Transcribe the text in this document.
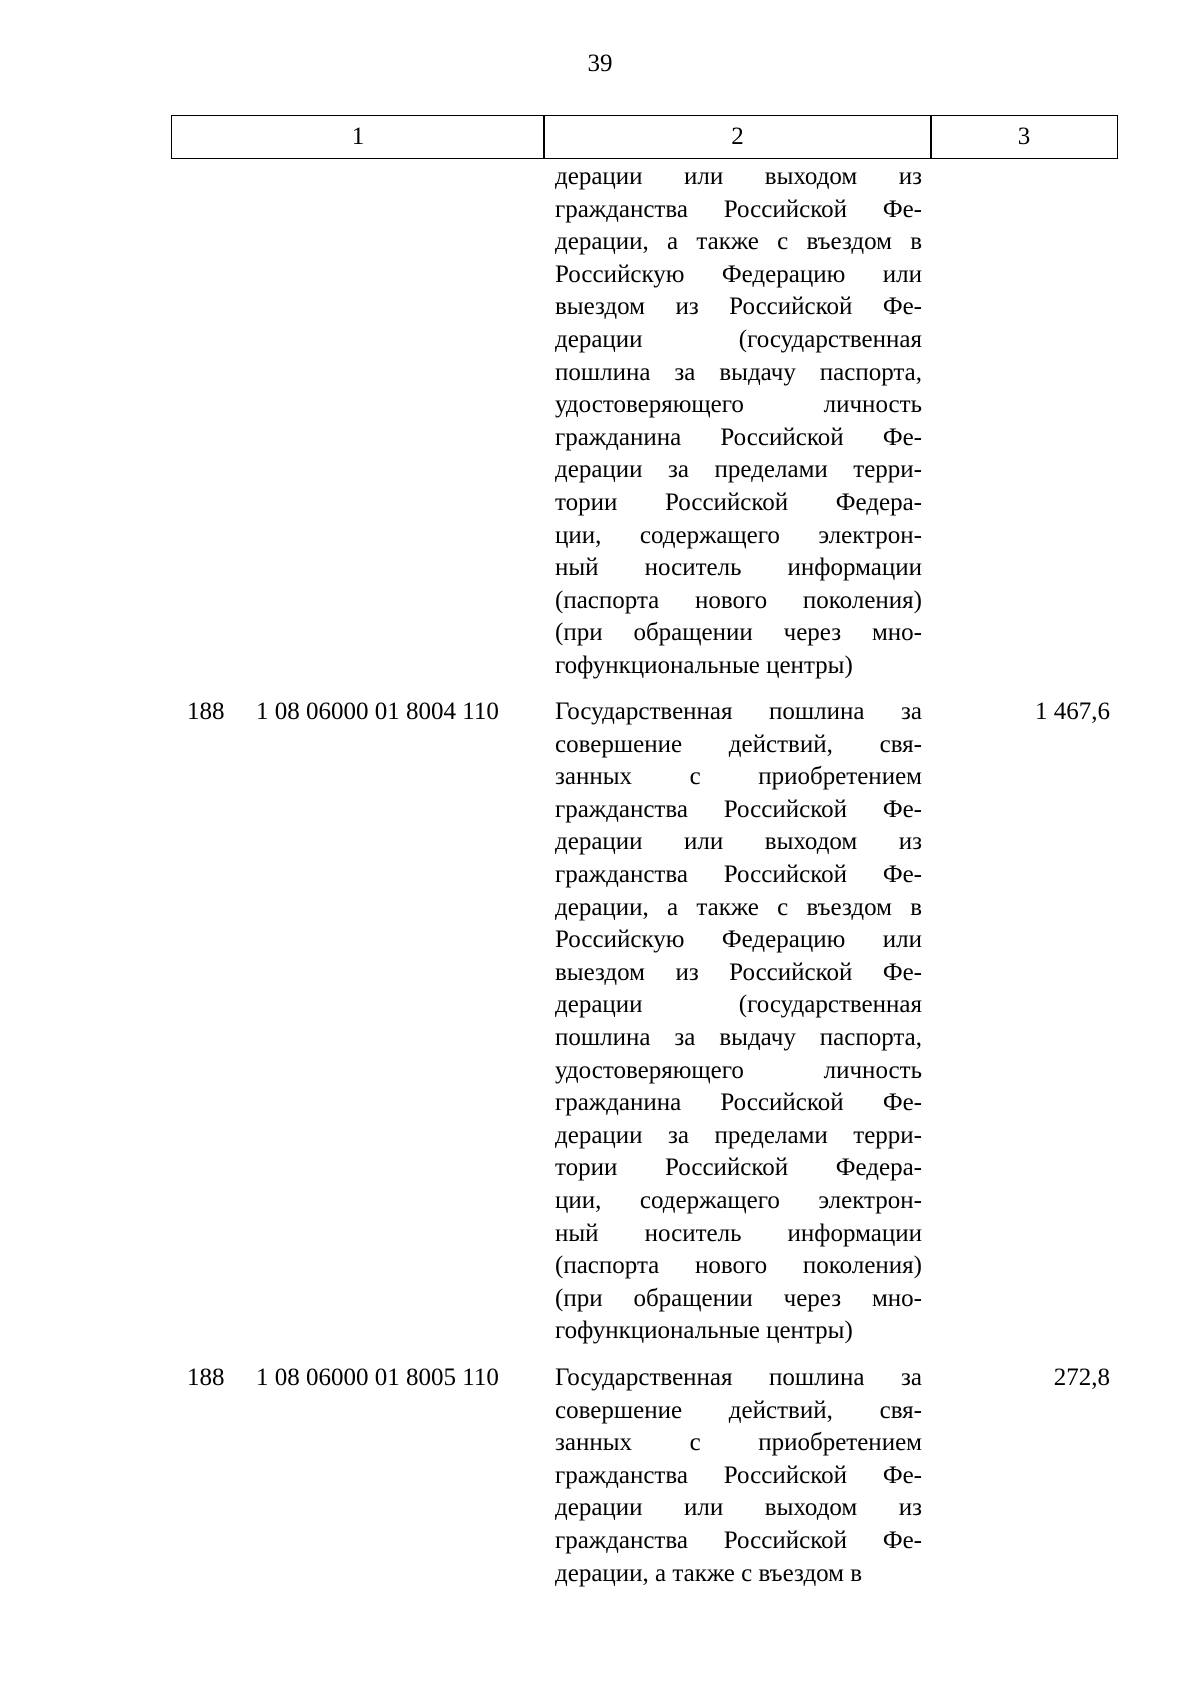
39
1	2	3
дерации или выходом из
гражданства Российской Фе-
дерации, а также с въездом в
Российскую Федерацию или
выездом из Российской Фе-
дерации (государственная
пошлина за выдачу паспорта,
удостоверяющего личность
гражданина Российской Фе-
дерации за пределами терри-
тории Российской Федера-
ции, содержащего электрон-
ный носитель информации
(паспорта нового поколения)
(при обращении через мно-
гофункциональные центры)
188 1 08 06000 01 8004 110 Государственная пошлина за
совершение действий, свя-
занных с приобретением
гражданства Российской Фе-
дерации или выходом из
гражданства Российской Фе-
дерации, а также с въездом в
Российскую Федерацию или
выездом из Российской Фе-
дерации (государственная
пошлина за выдачу паспорта,
удостоверяющего личность
гражданина Российской Фе-
дерации за пределами терри-
тории Российской Федера-
ции, содержащего электрон-
ный носитель информации
(паспорта нового поколения)
(при обращении через мно-
гофункциональные центры)
1 467,6
188 1 08 06000 01 8005 110 Государственная пошлина за
совершение действий, свя-
занных с приобретением
гражданства Российской Фе-
дерации или выходом из
гражданства Российской Фе-
дерации, а также с въездом в
272,8
